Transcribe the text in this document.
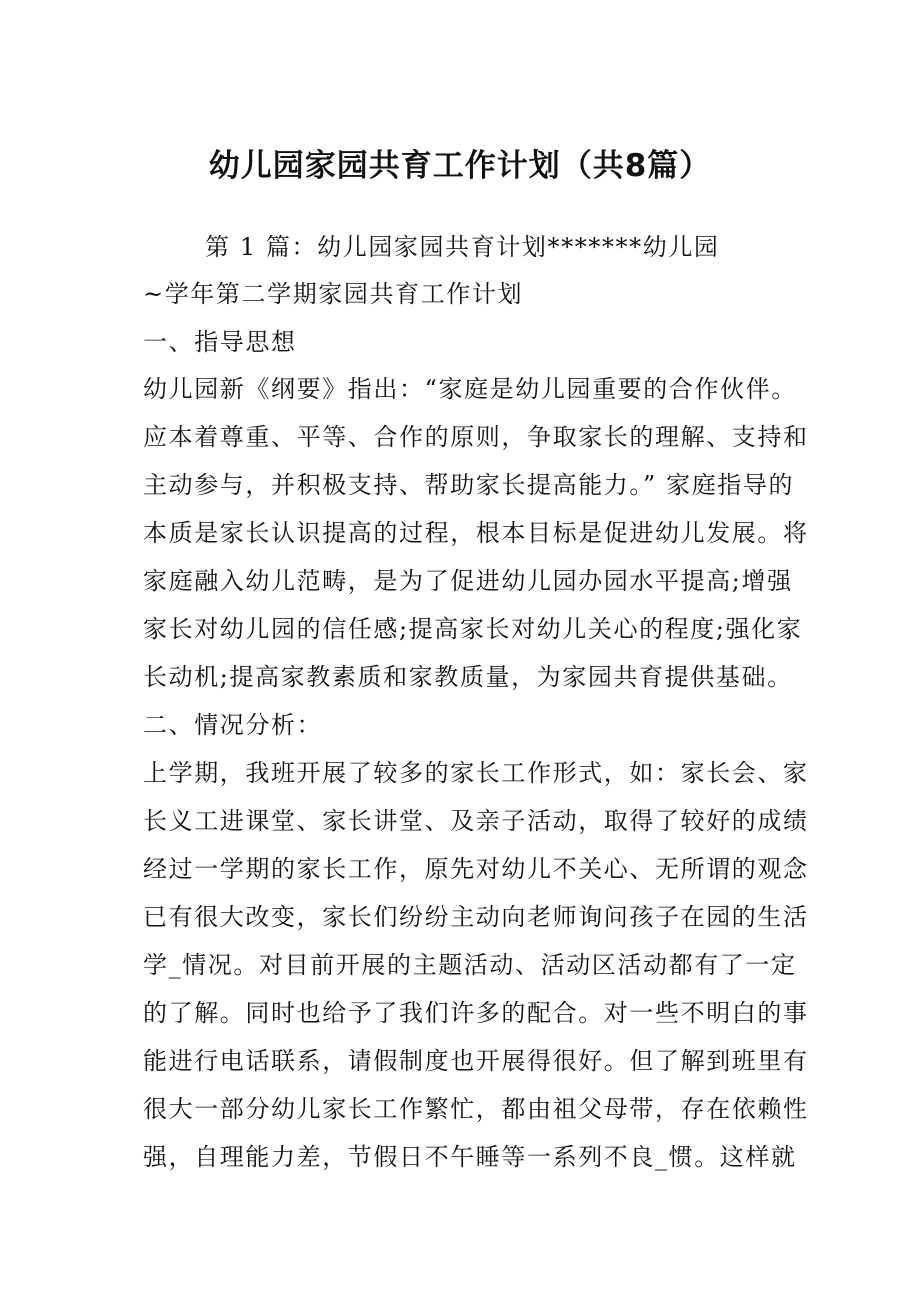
幼儿园家园共育工作计划（共8篇）
第 1 篇：幼儿园家园共育计划*******幼儿园
~学年第二学期家园共育工作计划
一、指导思想
幼儿园新《纲要》指出：“家庭是幼儿园重要的合作伙伴。
应本着尊重、平等、合作的原则，争取家长的理解、支持和
主动参与，并积极支持、帮助家长提高能力。” 家庭指导的
本质是家长认识提高的过程，根本目标是促进幼儿发展。将
家庭融入幼儿范畴，是为了促进幼儿园办园水平提高;增强
家长对幼儿园的信任感;提高家长对幼儿关心的程度;强化家
长动机;提高家教素质和家教质量，为家园共育提供基础。
二、情况分析：
上学期，我班开展了较多的家长工作形式，如：家长会、家
长义工进课堂、家长讲堂、及亲子活动，取得了较好的成绩
经过一学期的家长工作，原先对幼儿不关心、无所谓的观念
已有很大改变，家长们纷纷主动向老师询问孩子在园的生活
学_情况。对目前开展的主题活动、活动区活动都有了一定
的了解。同时也给予了我们许多的配合。对一些不明白的事
能进行电话联系，请假制度也开展得很好。但了解到班里有
很大一部分幼儿家长工作繁忙，都由祖父母带，存在依赖性
强，自理能力差，节假日不午睡等一系列不良_惯。这样就
